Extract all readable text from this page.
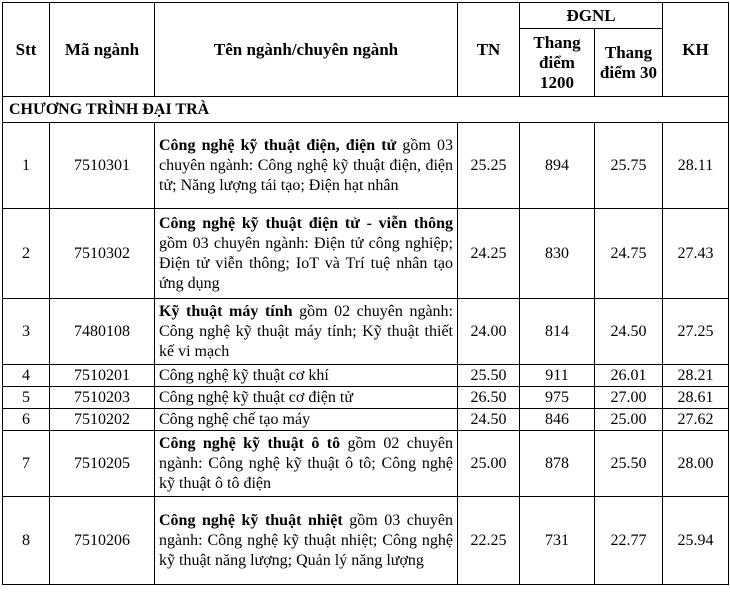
Stt	Mã ngành	Tên ngành/chuyên ngành	TN	ĐGNL		KH
				Thang điểm 1200	Thang điểm 30	
CHƯƠNG TRÌNH ĐẠI TRÀ						
1	7510301	Công nghệ kỹ thuật điện, điện tử gồm 03 chuyên ngành: Công nghệ kỹ thuật điện, điện tử; Năng lượng tái tạo; Điện hạt nhân	25.25	894	25.75	28.11
2	7510302	Công nghệ kỹ thuật điện tử - viễn thông gồm 03 chuyên ngành: Điện tử công nghiệp; Điện tử viễn thông; IoT và Trí tuệ nhân tạo ứng dụng	24.25	830	24.75	27.43
3	7480108	Kỹ thuật máy tính gồm 02 chuyên ngành: Công nghệ kỹ thuật máy tính; Kỹ thuật thiết kế vi mạch	24.00	814	24.50	27.25
4	7510201	Công nghệ kỹ thuật cơ khí	25.50	911	26.01	28.21
5	7510203	Công nghệ kỹ thuật cơ điện tử	26.50	975	27.00	28.61
6	7510202	Công nghệ chế tạo máy	24.50	846	25.00	27.62
7	7510205	Công nghệ kỹ thuật ô tô gồm 02 chuyên ngành: Công nghệ kỹ thuật ô tô; Công nghệ kỹ thuật ô tô điện	25.00	878	25.50	28.00
8	7510206	Công nghệ kỹ thuật nhiệt gồm 03 chuyên ngành: Công nghệ kỹ thuật nhiệt; Công nghệ kỹ thuật năng lượng; Quản lý năng lượng	22.25	731	22.77	25.94
